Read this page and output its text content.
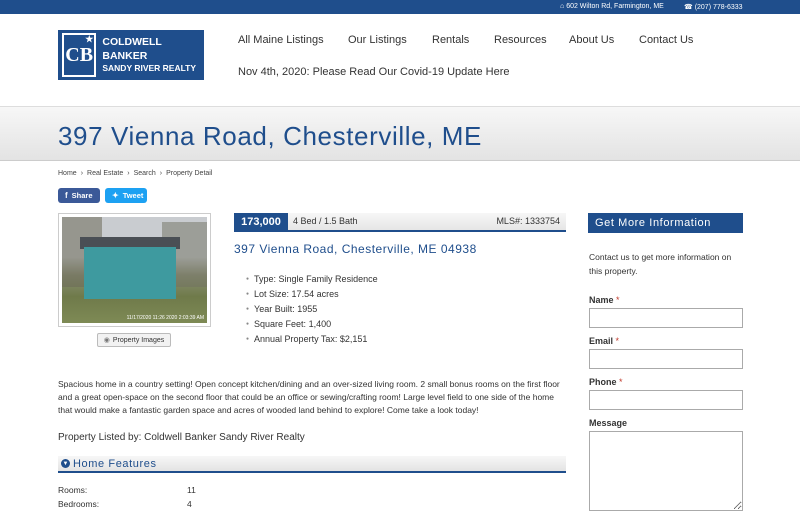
⌂ 602 Wilton Rd, Farmington, ME	☎ (207) 778-6333
CB
★ COLDWELL BANKER
SANDY RIVER REALTY
All Maine Listings Our Listings Rentals Resources About Us Contact Us
Nov 4th, 2020: Please Read Our Covid-19 Update Here
397 Vienna Road, Chesterville, ME
Home › Real Estate › Search › Property Detail
f Share ✦ Tweet
11/17/2020 11:26 2020 2:03:39 AM
◉ Property Images
173,000	4 Bed / 1.5 Bath	MLS#: 1333754
397 Vienna Road, Chesterville, ME 04938
● Type: Single Family Residence
● Lot Size: 17.54 acres
● Year Built: 1955
● Square Feet: 1,400
● Annual Property Tax: $2,151

Spacious home in a country setting! Open concept kitchen/dining and an over-sized living room. 2 small bonus rooms on the first floor and a great open-space on the second floor that could be an office or sewing/crafting room! Large level field to one side of the home that would make a fantastic garden space and acres of wooded land behind to explore! Come take a look today!

Property Listed by: Coldwell Banker Sandy River Realty
▼ Home Features
Rooms:	11
Bedrooms:	4
Get More Information

Contact us to get more information on this property.

Name *
Email *
Phone *
Message
